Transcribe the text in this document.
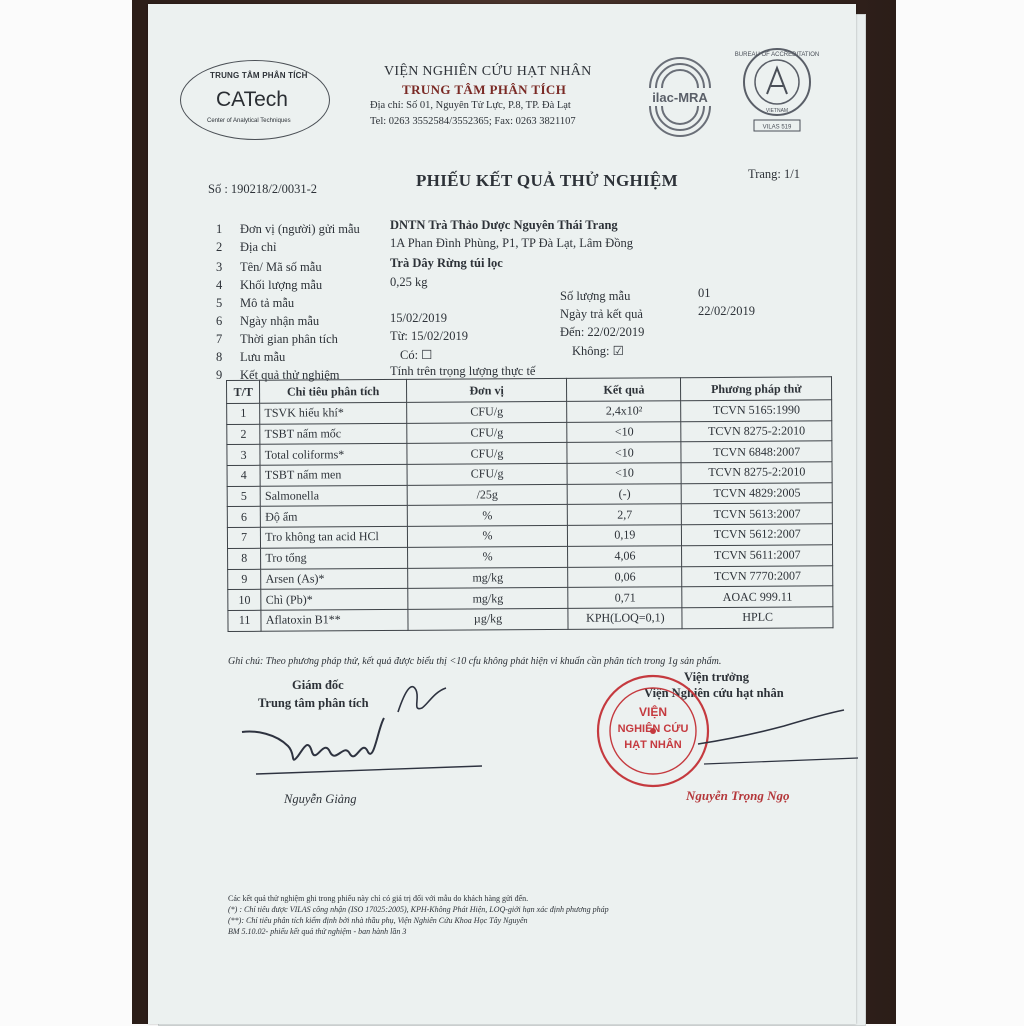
TRUNG TÂM PHÂN TÍCH
CATech
Center of Analytical Techniques
VIỆN NGHIÊN CỨU HẠT NHÂN
TRUNG TÂM PHÂN TÍCH
Địa chỉ: Số 01, Nguyên Tử Lực, P.8, TP. Đà Lạt
Tel: 0263 3552584/3552365; Fax: 0263 3821107
ilac-MRA
BUREAU OF ACCREDITATION
VIETNAM
VILAS 519
Số : 190218/2/0031-2	PHIẾU KẾT QUẢ THỬ NGHIỆM	Trang: 1/1
1 Đơn vị (người) gửi mẫu DNTN Trà Thảo Dược Nguyên Thái Trang
2 Địa chỉ	1A Phan Đình Phùng, P1, TP Đà Lạt, Lâm Đồng
3 Tên/ Mã số mẫu	Trà Dây Rừng túi lọc
4 Khối lượng mẫu	0,25 kg
5 Mô tả mẫu
6 Ngày nhận mẫu	15/02/2019
7 Thời gian phân tích	Từ: 15/02/2019
8 Lưu mẫu	Có: ☐
9 Kết quả thử nghiệm	Tính trên trọng lượng thực tế
Số lượng mẫu	01
Ngày trả kết quả	22/02/2019
Đến: 22/02/2019
Không: ☑
T/T	Chỉ tiêu phân tích	Đơn vị	Kết quả	Phương pháp thử
1	TSVK hiếu khí*	CFU/g	2,4x10²	TCVN 5165:1990
2	TSBT nấm mốc	CFU/g	<10	TCVN 8275-2:2010
3	Total coliforms*	CFU/g	<10	TCVN 6848:2007
4	TSBT nấm men	CFU/g	<10	TCVN 8275-2:2010
5	Salmonella	/25g	(-)	TCVN 4829:2005
6	Độ ẩm	%	2,7	TCVN 5613:2007
7	Tro không tan acid HCl	%	0,19	TCVN 5612:2007
8	Tro tổng	%	4,06	TCVN 5611:2007
9	Arsen (As)*	mg/kg	0,06	TCVN 7770:2007
10	Chì (Pb)*	mg/kg	0,71	AOAC 999.11
11	Aflatoxin B1**	µg/kg	KPH(LOQ=0,1)	HPLC
Ghi chú: Theo phương pháp thử, kết quả được biểu thị <10 cfu không phát hiện vi khuẩn cần phân tích trong 1g sản phẩm.
Giám đốc
Trung tâm phân tích
Nguyễn Giảng
Viện trưởng
Viện Nghiên cứu hạt nhân
VIỆN
NGHIÊN CỨU
HẠT NHÂN
Nguyễn Trọng Ngọ
Các kết quả thử nghiệm ghi trong phiếu này chỉ có giá trị đối với mẫu do khách hàng gửi đến.
(*) : Chỉ tiêu được VILAS công nhận (ISO 17025:2005), KPH-Không Phát Hiện, LOQ-giới hạn xác định phương pháp
(**): Chỉ tiêu phân tích kiểm định bởi nhà thầu phụ, Viện Nghiên Cứu Khoa Học Tây Nguyên
BM 5.10.02- phiếu kết quả thử nghiệm - ban hành lần 3
